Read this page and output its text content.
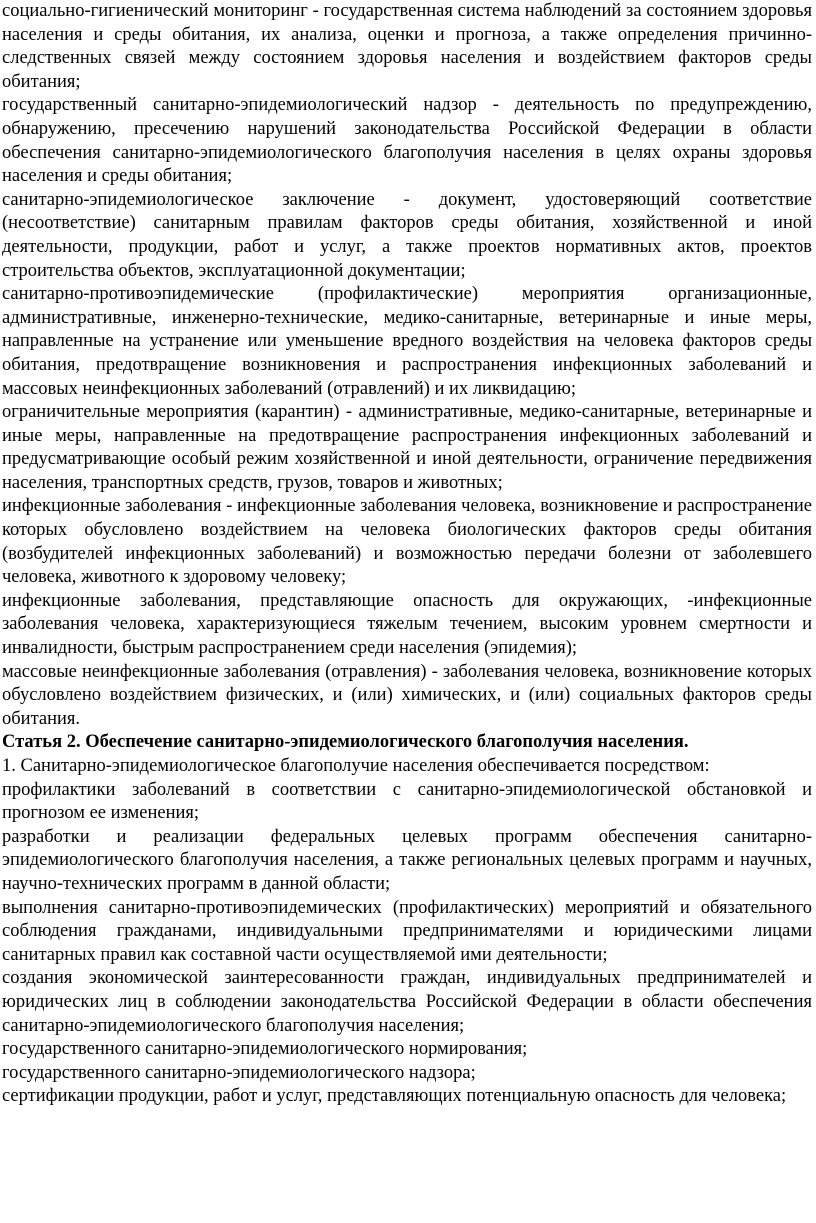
социально-гигиенический мониторинг - государственная система наблюдений за состоянием здоровья населения и среды обитания, их анализа, оценки и прогноза, а также определения причинно-следственных связей между состоянием здоровья населения и воздействием факторов среды обитания;

государственный санитарно-эпидемиологический надзор - деятельность по предупреждению, обнаружению, пресечению нарушений законодательства Российской Федерации в области обеспечения санитарно-эпидемиологического благополучия населения в целях охраны здоровья населения и среды обитания;

санитарно-эпидемиологическое заключение - документ, удостоверяющий соответствие (несоответствие) санитарным правилам факторов среды обитания, хозяйственной и иной деятельности, продукции, работ и услуг, а также проектов нормативных актов, проектов строительства объектов, эксплуатационной документации;

санитарно-противоэпидемические (профилактические) мероприятия организационные, административные, инженерно-технические, медико-санитарные, ветеринарные и иные меры, направленные на устранение или уменьшение вредного воздействия на человека факторов среды обитания, предотвращение возникновения и распространения инфекционных заболеваний и массовых неинфекционных заболеваний (отравлений) и их ликвидацию;

ограничительные мероприятия (карантин) - административные, медико-санитарные, ветеринарные и иные меры, направленные на предотвращение распространения инфекционных заболеваний и предусматривающие особый режим хозяйственной и иной деятельности, ограничение передвижения населения, транспортных средств, грузов, товаров и животных;

инфекционные заболевания - инфекционные заболевания человека, возникновение и распространение которых обусловлено воздействием на человека биологических факторов среды обитания (возбудителей инфекционных заболеваний) и возможностью передачи болезни от заболевшего человека, животного к здоровому человеку;

инфекционные заболевания, представляющие опасность для окружающих, -инфекционные заболевания человека, характеризующиеся тяжелым течением, высоким уровнем смертности и инвалидности, быстрым распространением среди населения (эпидемия);

массовые неинфекционные заболевания (отравления) - заболевания человека, возникновение которых обусловлено воздействием физических, и (или) химических, и (или) социальных факторов среды обитания.

Статья 2. Обеспечение санитарно-эпидемиологического благополучия населения.

1. Санитарно-эпидемиологическое благополучие населения обеспечивается посредством:

профилактики заболеваний в соответствии с санитарно-эпидемиологической обстановкой и прогнозом ее изменения;

разработки и реализации федеральных целевых программ обеспечения санитарно-эпидемиологического благополучия населения, а также региональных целевых программ и научных, научно-технических программ в данной области;

выполнения санитарно-противоэпидемических (профилактических) мероприятий и обязательного соблюдения гражданами, индивидуальными предпринимателями и юридическими лицами санитарных правил как составной части осуществляемой ими деятельности;

создания экономической заинтересованности граждан, индивидуальных предпринимателей и юридических лиц в соблюдении законодательства Российской Федерации в области обеспечения санитарно-эпидемиологического благополучия населения;

государственного санитарно-эпидемиологического нормирования;

государственного санитарно-эпидемиологического надзора;

сертификации продукции, работ и услуг, представляющих потенциальную опасность для человека;
